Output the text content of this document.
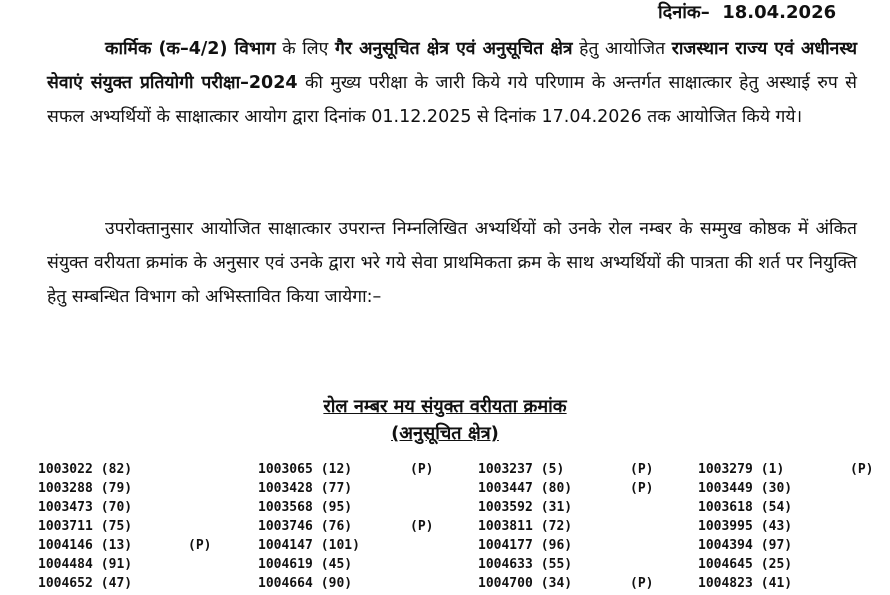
दिनांक– 18.04.2026
कार्मिक (क–4/2) विभाग के लिए गैर अनुसूचित क्षेत्र एवं अनुसूचित क्षेत्र हेतु आयोजित राजस्थान राज्य एवं अधीनस्थ सेवाएं संयुक्त प्रतियोगी परीक्षा–2024 की मुख्य परीक्षा के जारी किये गये परिणाम के अन्तर्गत साक्षात्कार हेतु अस्थाई रुप से सफल अभ्यर्थियों के साक्षात्कार आयोग द्वारा दिनांक 01.12.2025 से दिनांक 17.04.2026 तक आयोजित किये गये।
उपरोक्तानुसार आयोजित साक्षात्कार उपरान्त निम्नलिखित अभ्यर्थियों को उनके रोल नम्बर के सम्मुख कोष्ठक में अंकित संयुक्त वरीयता क्रमांक के अनुसार एवं उनके द्वारा भरे गये सेवा प्राथमिकता क्रम के साथ अभ्यर्थियों की पात्रता की शर्त पर नियुक्ति हेतु सम्बन्धित विभाग को अभिस्तावित किया जायेगा:–
रोल नम्बर मय संयुक्त वरीयता क्रमांक
(अनुसूचित क्षेत्र)
1003022 (82)	1003065 (12)	(P)	1003237 (5)	(P)	1003279 (1)	(P)
1003288 (79)	1003428 (77)	1003447 (80)	(P)	1003449 (30)
1003473 (70)	1003568 (95)	1003592 (31)	1003618 (54)
1003711 (75)	1003746 (76)	(P)	1003811 (72)	1003995 (43)
1004146 (13)	(P)	1004147 (101)	1004177 (96)	1004394 (97)
1004484 (91)	1004619 (45)	1004633 (55)	1004645 (25)
1004652 (47)	1004664 (90)	1004700 (34)	(P)	1004823 (41)
